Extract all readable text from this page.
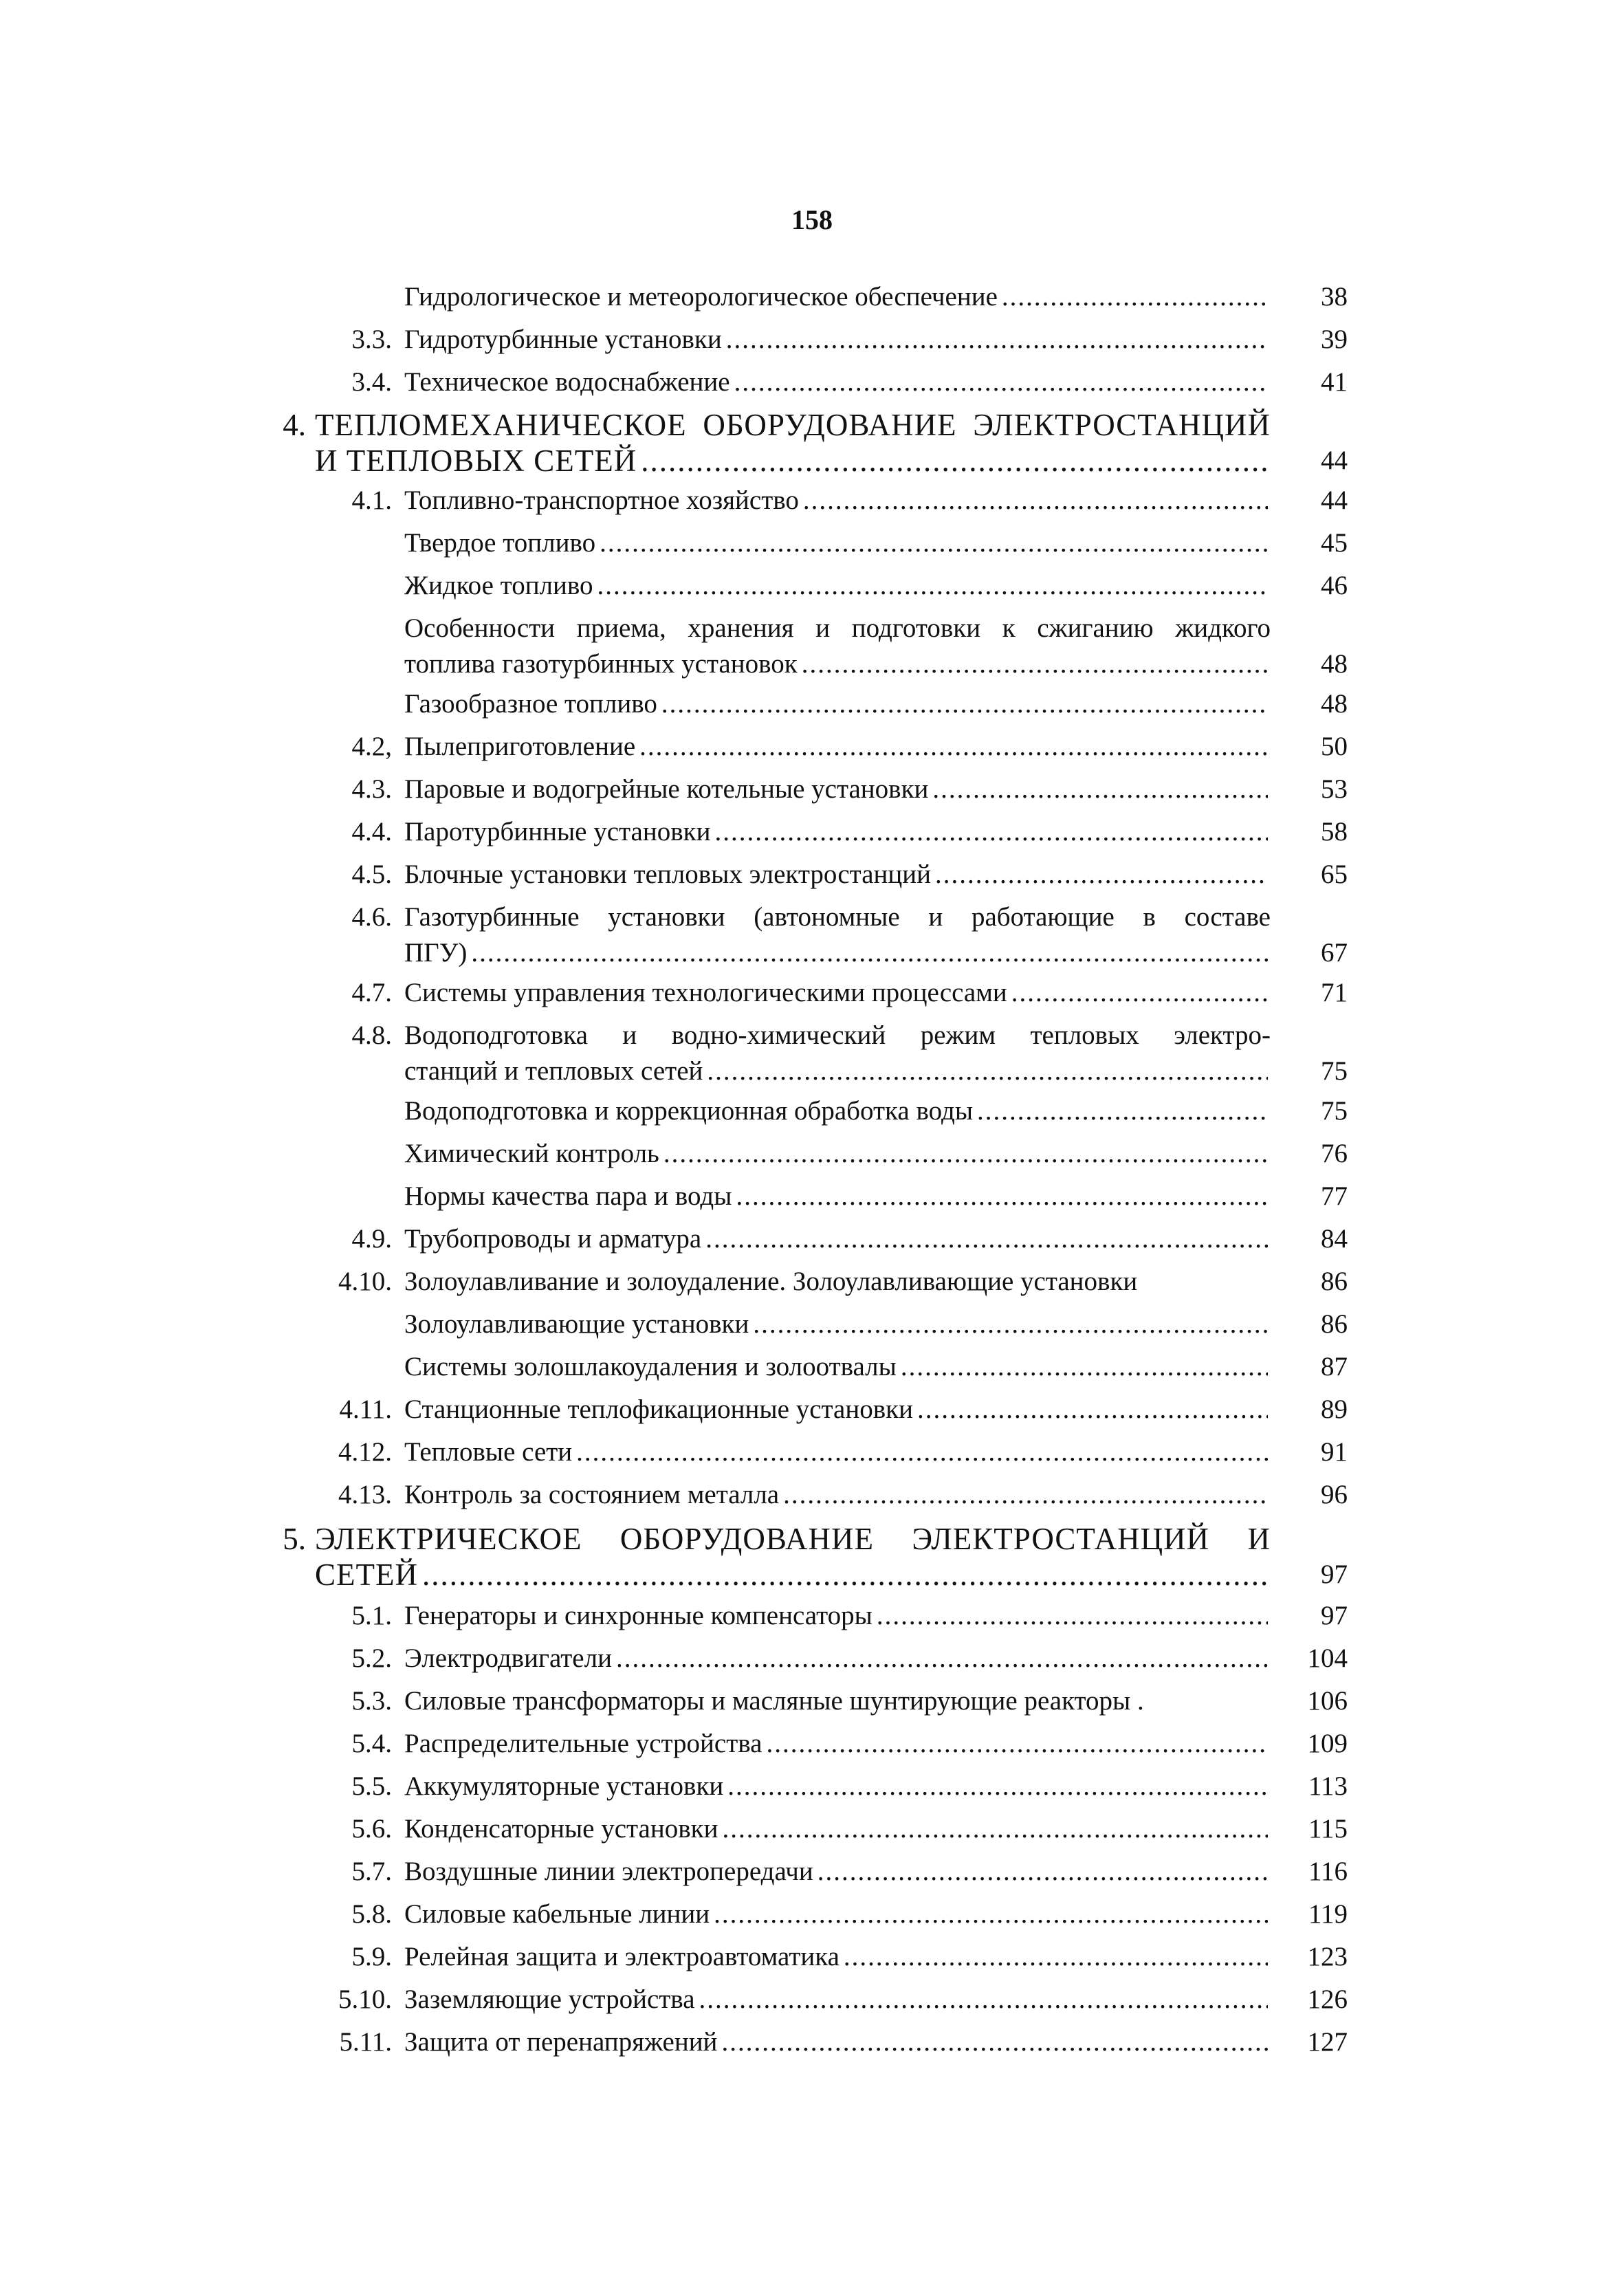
158
Гидрологическое и метеорологическое обеспечение .....	38
3.3. Гидротурбинные установки .....	39
3.4. Техническое водоснабжение .....	41
4. ТЕПЛОМЕХАНИЧЕСКОЕ ОБОРУДОВАНИЕ ЭЛЕКТРОСТАНЦИЙ
И ТЕПЛОВЫХ СЕТЕЙ .....	44
4.1. Топливно-транспортное хозяйство .....	44
Твердое топливо .....	45
Жидкое топливо .....	46
Особенности приема, хранения и подготовки к сжиганию жидкого
топлива газотурбинных установок .....	48
Газообразное топливо .....	48
4.2, Пылеприготовление .....	50
4.3. Паровые и водогрейные котельные установки .....	53
4.4. Паротурбинные установки .....	58
4.5. Блочные установки тепловых электростанций .....	65
4.6. Газотурбинные установки (автономные и работающие в составе
ПГУ) .....	67
4.7. Системы управления технологическими процессами .....	71
4.8. Водоподготовка и водно-химический режим тепловых электро-
станций и тепловых сетей .....	75
Водоподготовка и коррекционная обработка воды .....	75
Химический контроль .....	76
Нормы качества пара и воды .....	77
4.9. Трубопроводы и арматура .....	84
4.10. Золоулавливание и золоудаление. Золоулавливающие установки	86
Золоулавливающие установки .....	86
Системы золошлакоудаления и золоотвалы .....	87
4.11. Станционные теплофикационные установки .....	89
4.12. Тепловые сети .....	91
4.13. Контроль за состоянием металла .....	96
5. ЭЛЕКТРИЧЕСКОЕ ОБОРУДОВАНИЕ ЭЛЕКТРОСТАНЦИЙ И
СЕТЕЙ .....	97
5.1. Генераторы и синхронные компенсаторы .....	97
5.2. Электродвигатели .....	104
5.3. Силовые трансформаторы и масляные шунтирующие реакторы .	106
5.4. Распределительные устройства .....	109
5.5. Аккумуляторные установки .....	113
5.6. Конденсаторные установки .....	115
5.7. Воздушные линии электропередачи .....	116
5.8. Силовые кабельные линии .....	119
5.9. Релейная защита и электроавтоматика .....	123
5.10. Заземляющие устройства .....	126
5.11. Защита от перенапряжений .....	127
